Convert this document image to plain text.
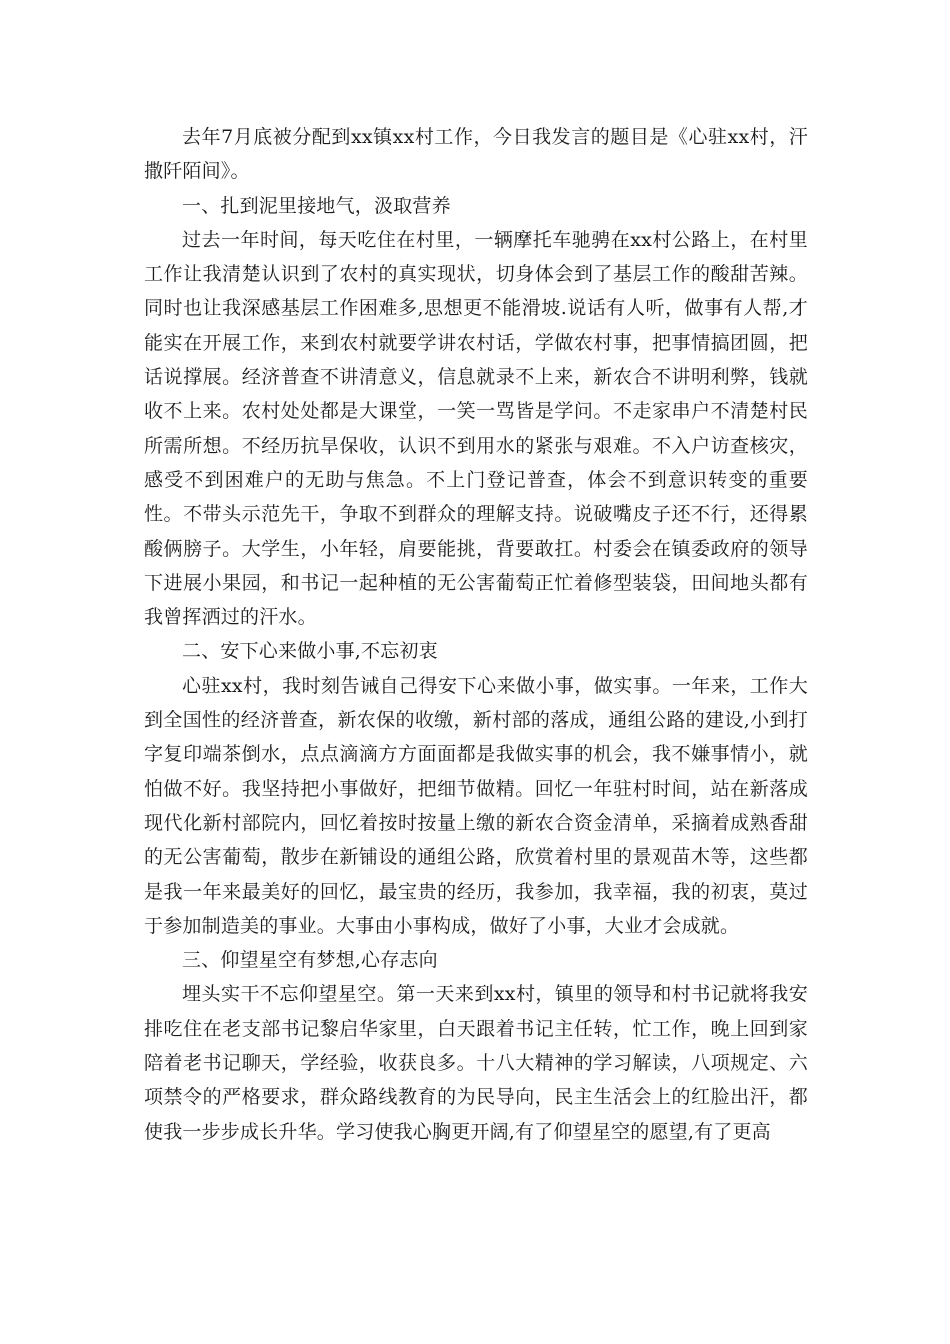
去年7月底被分配到xx镇xx村工作，今日我发言的题目是《心驻xx村，汗撒阡陌间》。

一、扎到泥里接地气，汲取营养

过去一年时间，每天吃住在村里，一辆摩托车驰骋在xx村公路上，在村里工作让我清楚认识到了农村的真实现状，切身体会到了基层工作的酸甜苦辣。同时也让我深感基层工作困难多,思想更不能滑坡.说话有人听，做事有人帮,才能实在开展工作，来到农村就要学讲农村话，学做农村事，把事情搞团圆，把话说撑展。经济普查不讲清意义，信息就录不上来，新农合不讲明利弊，钱就收不上来。农村处处都是大课堂，一笑一骂皆是学问。不走家串户不清楚村民所需所想。不经历抗旱保收，认识不到用水的紧张与艰难。不入户访查核灾，感受不到困难户的无助与焦急。不上门登记普查，体会不到意识转变的重要性。不带头示范先干，争取不到群众的理解支持。说破嘴皮子还不行，还得累酸俩膀子。大学生，小年轻，肩要能挑，背要敢扛。村委会在镇委政府的领导下进展小果园，和书记一起种植的无公害葡萄正忙着修型装袋，田间地头都有我曾挥洒过的汗水。

二、安下心来做小事,不忘初衷

心驻xx村，我时刻告诫自己得安下心来做小事，做实事。一年来，工作大到全国性的经济普查，新农保的收缴，新村部的落成，通组公路的建设,小到打字复印端茶倒水，点点滴滴方方面面都是我做实事的机会，我不嫌事情小，就怕做不好。我坚持把小事做好，把细节做精。回忆一年驻村时间，站在新落成现代化新村部院内，回忆着按时按量上缴的新农合资金清单，采摘着成熟香甜的无公害葡萄，散步在新铺设的通组公路，欣赏着村里的景观苗木等，这些都是我一年来最美好的回忆，最宝贵的经历，我参加，我幸福，我的初衷，莫过于参加制造美的事业。大事由小事构成，做好了小事，大业才会成就。

三、仰望星空有梦想,心存志向

埋头实干不忘仰望星空。第一天来到xx村，镇里的领导和村书记就将我安排吃住在老支部书记黎启华家里，白天跟着书记主任转，忙工作，晚上回到家陪着老书记聊天，学经验，收获良多。十八大精神的学习解读，八项规定、六项禁令的严格要求，群众路线教育的为民导向，民主生活会上的红脸出汗，都使我一步步成长升华。学习使我心胸更开阔,有了仰望星空的愿望,有了更高
